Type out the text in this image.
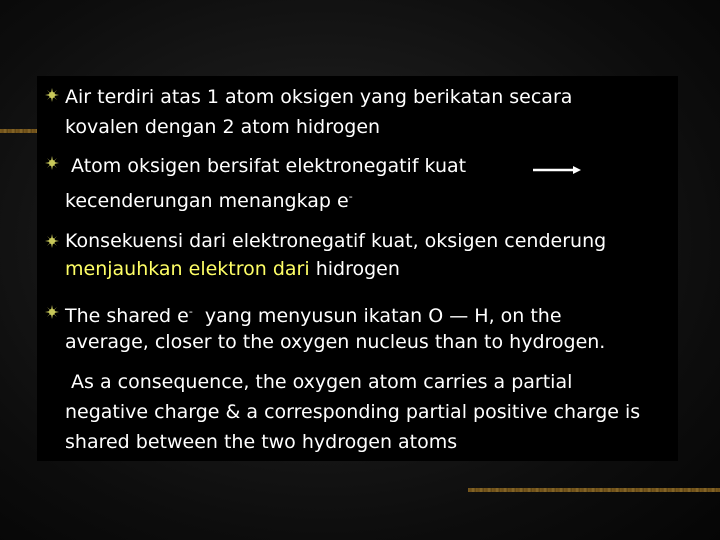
Air terdiri atas 1 atom oksigen yang berikatan secara
kovalen dengan 2 atom hidrogen
Atom oksigen bersifat elektronegatif kuat
kecenderungan menangkap e-
Konsekuensi dari elektronegatif kuat, oksigen cenderung
menjauhkan elektron dari hidrogen
The shared e-  yang menyusun ikatan O — H, on the
average, closer to the oxygen nucleus than to hydrogen.
As a consequence, the oxygen atom carries a partial
negative charge & a corresponding partial positive charge is
shared between the two hydrogen atoms
